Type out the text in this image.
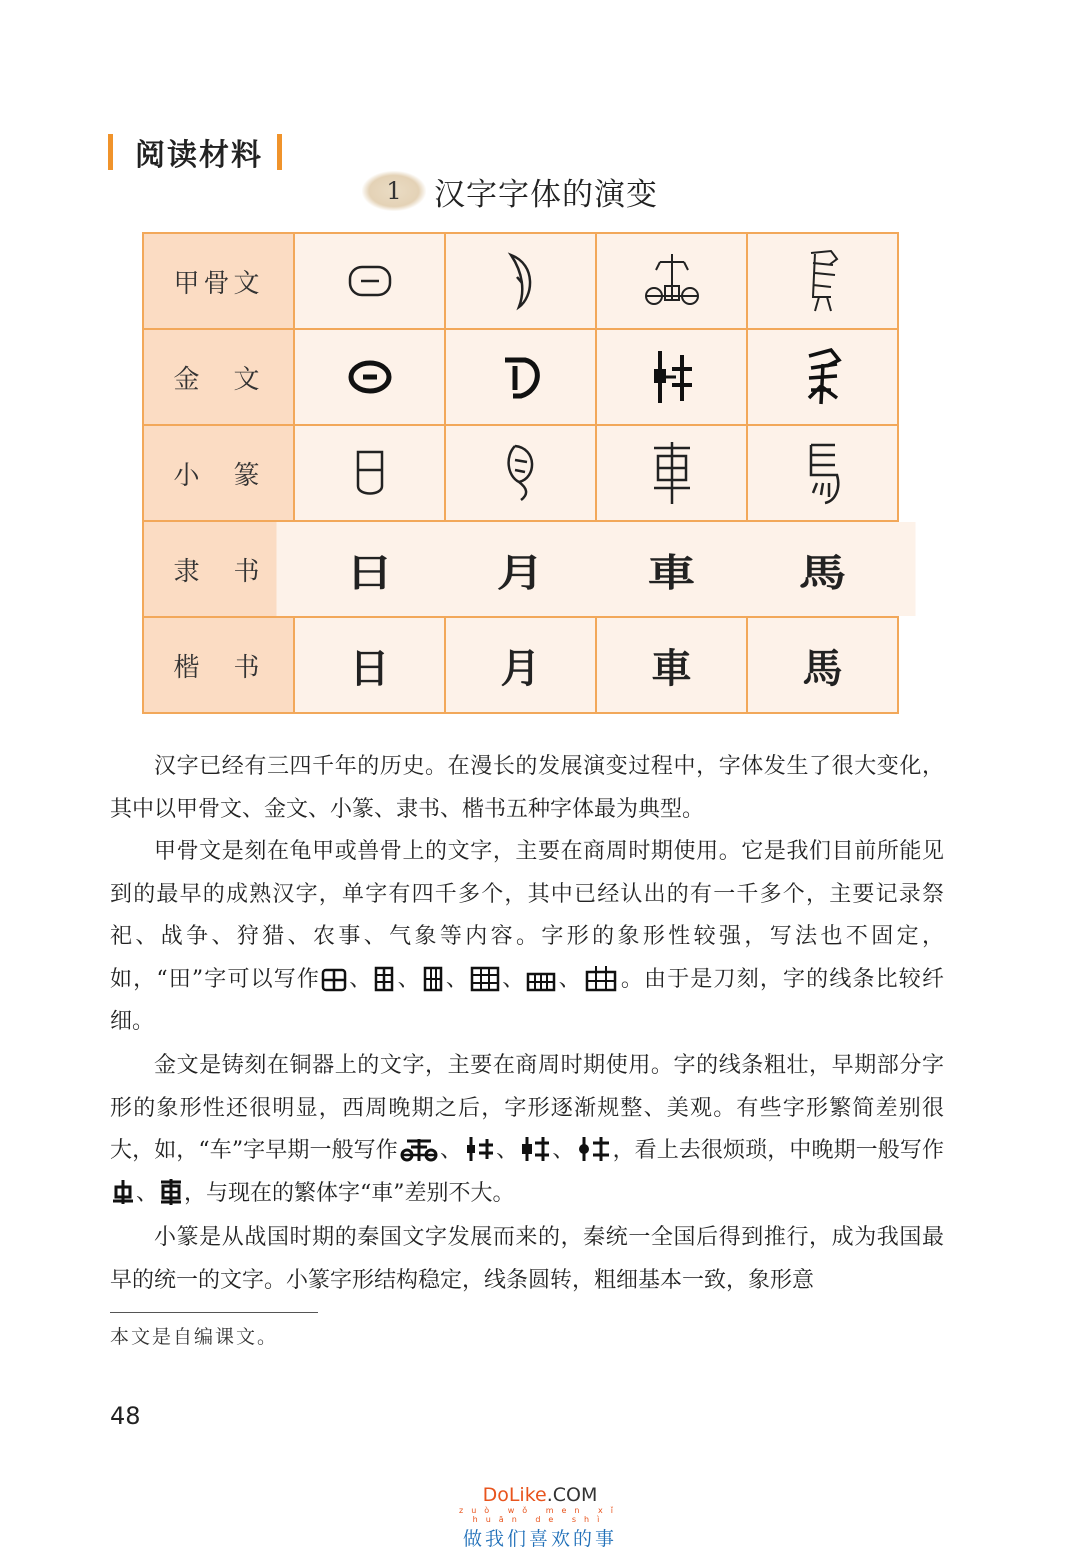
阅读材料
1	汉字字体的演变
甲骨文	

金　文	

小　篆	

隶　书	日	月	車	馬
楷　书	日	月	車	馬

汉字已经有三四千年的历史。在漫长的发展演变过程中，字体发生了很大变化，其中以甲骨文、金文、小篆、隶书、楷书五种字体最为典型。

甲骨文是刻在龟甲或兽骨上的文字，主要在商周时期使用。它是我们目前所能见到的最早的成熟汉字，单字有四千多个，其中已经认出的有一千多个，主要记录祭祀、战争、狩猎、农事、气象等内容。字形的象形性较强，写法也不固定，如，“田”字可以写作 、 、 、 、 、 。由于是刀刻，字的线条比较纤细。

金文是铸刻在铜器上的文字，主要在商周时期使用。字的线条粗壮，早期部分字形的象形性还很明显，西周晚期之后，字形逐渐规整、美观。有些字形繁简差别很大，如，“车”字早期一般写作 、 、 、 ，看上去很烦琐，中晚期一般写作、 ，与现在的繁体字“車”差别不大。

小篆是从战国时期的秦国文字发展而来的，秦统一全国后得到推行，成为我国最早的统一的文字。小篆字形结构稳定，线条圆转，粗细基本一致，象形意

本文是自编课文。
48
DoLike.COM
zuò wǒ men xǐ huān de shì
做我们喜欢的事
